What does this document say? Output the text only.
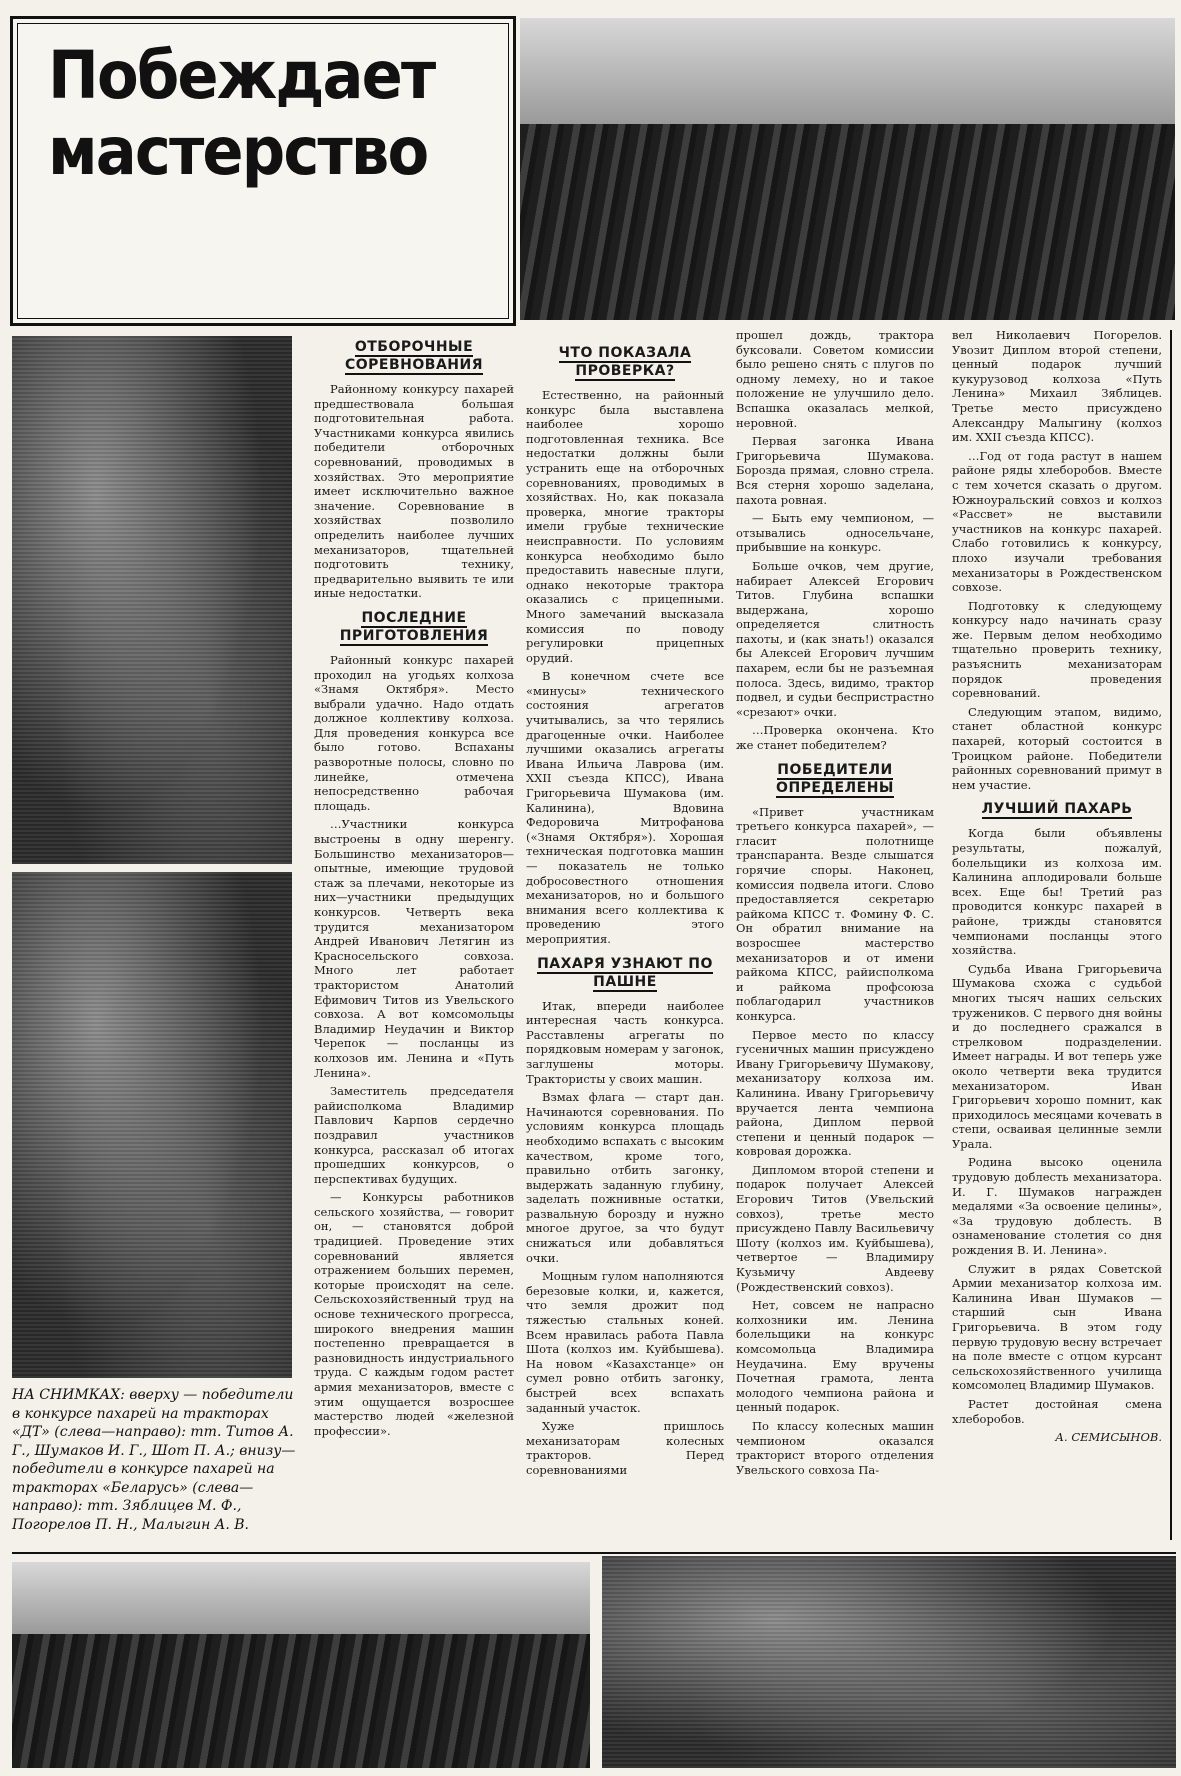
Побеждает
мастерство
НА СНИМКАХ: вверху — победители в конкурсе пахарей на тракторах «ДТ» (слева—направо): тт. Титов А. Г., Шумаков И. Г., Шот П. А.; внизу—победители в конкурсе пахарей на тракторах «Беларусь» (слева—направо): тт. Зяблицев М. Ф., Погорелов П. Н., Малыгин А. В.
ОТБОРОЧНЫЕ СОРЕВНОВАНИЯ

Районному конкурсу пахарей предшествовала большая подготовительная работа. Участниками конкурса явились победители отборочных соревнований, проводимых в хозяйствах. Это мероприятие имеет исключительно важное значение. Соревнование в хозяйствах позволило определить наиболее лучших механизаторов, тщательней подготовить технику, предварительно выявить те или иные недостатки.

ПОСЛЕДНИЕ ПРИГОТОВЛЕНИЯ

Районный конкурс пахарей проходил на угодьях колхоза «Знамя Октября». Место выбрали удачно. Надо отдать должное коллективу колхоза. Для проведения конкурса все было готово. Вспаханы разворотные полосы, словно по линейке, отмечена непосредственно рабочая площадь.

…Участники конкурса выстроены в одну шеренгу. Большинство механизаторов—опытные, имеющие трудовой стаж за плечами, некоторые из них—участники предыдущих конкурсов. Четверть века трудится механизатором Андрей Иванович Летягин из Красносельского совхоза. Много лет работает трактористом Анатолий Ефимович Титов из Увельского совхоза. А вот комсомольцы Владимир Неудачин и Виктор Черепок — посланцы из колхозов им. Ленина и «Путь Ленина».

Заместитель председателя райисполкома Владимир Павлович Карпов сердечно поздравил участников конкурса, рассказал об итогах прошедших конкурсов, о перспективах будущих.

— Конкурсы работников сельского хозяйства, — говорит он, — становятся доброй традицией. Проведение этих соревнований является отражением больших перемен, которые происходят на селе. Сельскохозяйственный труд на основе технического прогресса, широкого внедрения машин постепенно превращается в разновидность индустриального труда. С каждым годом растет армия механизаторов, вместе с этим ощущается возросшее мастерство людей «железной профессии».

ЧТО ПОКАЗАЛА ПРОВЕРКА?

Естественно, на районный конкурс была выставлена наиболее хорошо подготовленная техника. Все недостатки должны были устранить еще на отборочных соревнованиях, проводимых в хозяйствах. Но, как показала проверка, многие тракторы имели грубые технические неисправности. По условиям конкурса необходимо было предоставить навесные плуги, однако некоторые трактора оказались с прицепными. Много замечаний высказала комиссия по поводу регулировки прицепных орудий.

В конечном счете все «минусы» технического состояния агрегатов учитывались, за что терялись драгоценные очки. Наиболее лучшими оказались агрегаты Ивана Ильича Лаврова (им. XXII съезда КПСС), Ивана Григорьевича Шумакова (им. Калинина), Вдовина Федоровича Митрофанова («Знамя Октября»). Хорошая техническая подготовка машин — показатель не только добросовестного отношения механизаторов, но и большого внимания всего коллектива к проведению этого мероприятия.

ПАХАРЯ УЗНАЮТ ПО ПАШНЕ

Итак, впереди наиболее интересная часть конкурса. Расставлены агрегаты по порядковым номерам у загонок, заглушены моторы. Трактористы у своих машин.

Взмах флага — старт дан. Начинаются соревнования. По условиям конкурса площадь необходимо вспахать с высоким качеством, кроме того, правильно отбить загонку, выдержать заданную глубину, заделать пожнивные остатки, развальную борозду и нужно многое другое, за что будут снижаться или добавляться очки.

Мощным гулом наполняются березовые колки, и, кажется, что земля дрожит под тяжестью стальных коней. Всем нравилась работа Павла Шота (колхоз им. Куйбышева). На новом «Казахстанце» он сумел ровно отбить загонку, быстрей всех вспахать заданный участок.

Хуже пришлось механизаторам колесных тракторов. Перед соревнованиями

прошел дождь, трактора буксовали. Советом комиссии было решено снять с плугов по одному лемеху, но и такое положение не улучшило дело. Вспашка оказалась мелкой, неровной.

Первая загонка Ивана Григорьевича Шумакова. Борозда прямая, словно стрела. Вся стерня хорошо заделана, пахота ровная.

— Быть ему чемпионом, — отзывались односельчане, прибывшие на конкурс.

Больше очков, чем другие, набирает Алексей Егорович Титов. Глубина вспашки выдержана, хорошо определяется слитность пахоты, и (как знать!) оказался бы Алексей Егорович лучшим пахарем, если бы не разъемная полоса. Здесь, видимо, трактор подвел, и судьи беспристрастно «срезают» очки.

…Проверка окончена. Кто же станет победителем?

ПОБЕДИТЕЛИ ОПРЕДЕЛЕНЫ

«Привет участникам третьего конкурса пахарей», — гласит полотнище транспаранта. Везде слышатся горячие споры. Наконец, комиссия подвела итоги. Слово предоставляется секретарю райкома КПСС т. Фомину Ф. С. Он обратил внимание на возросшее мастерство механизаторов и от имени райкома КПСС, райисполкома и райкома профсоюза поблагодарил участников конкурса.

Первое место по классу гусеничных машин присуждено Ивану Григорьевичу Шумакову, механизатору колхоза им. Калинина. Ивану Григорьевичу вручается лента чемпиона района, Диплом первой степени и ценный подарок — ковровая дорожка.

Дипломом второй степени и подарок получает Алексей Егорович Титов (Увельский совхоз), третье место присуждено Павлу Васильевичу Шоту (колхоз им. Куйбышева), четвертое — Владимиру Кузьмичу Авдееву (Рождественский совхоз).

Нет, совсем не напрасно колхозники им. Ленина болельщики на конкурс комсомольца Владимира Неудачина. Ему вручены Почетная грамота, лента молодого чемпиона района и ценный подарок.

По классу колесных машин чемпионом оказался тракторист второго отделения Увельского совхоза Па-

вел Николаевич Погорелов. Увозит Диплом второй степени, ценный подарок лучший кукурузовод колхоза «Путь Ленина» Михаил Зяблицев. Третье место присуждено Александру Малыгину (колхоз им. XXII съезда КПСС).

…Год от года растут в нашем районе ряды хлеборобов. Вместе с тем хочется сказать о другом. Южноуральский совхоз и колхоз «Рассвет» не выставили участников на конкурс пахарей. Слабо готовились к конкурсу, плохо изучали требования механизаторы в Рождественском совхозе.

Подготовку к следующему конкурсу надо начинать сразу же. Первым делом необходимо тщательно проверить технику, разъяснить механизаторам порядок проведения соревнований.

Следующим этапом, видимо, станет областной конкурс пахарей, который состоится в Троицком районе. Победители районных соревнований примут в нем участие.

ЛУЧШИЙ ПАХАРЬ

Когда были объявлены результаты, пожалуй, болельщики из колхоза им. Калинина аплодировали больше всех. Еще бы! Третий раз проводится конкурс пахарей в районе, трижды становятся чемпионами посланцы этого хозяйства.

Судьба Ивана Григорьевича Шумакова схожа с судьбой многих тысяч наших сельских тружеников. С первого дня войны и до последнего сражался в стрелковом подразделении. Имеет награды. И вот теперь уже около четверти века трудится механизатором. Иван Григорьевич хорошо помнит, как приходилось месяцами кочевать в степи, осваивая целинные земли Урала.

Родина высоко оценила трудовую доблесть механизатора. И. Г. Шумаков награжден медалями «За освоение целины», «За трудовую доблесть. В ознаменование столетия со дня рождения В. И. Ленина».

Служит в рядах Советской Армии механизатор колхоза им. Калинина Иван Шумаков — старший сын Ивана Григорьевича. В этом году первую трудовую весну встречает на поле вместе с отцом курсант сельскохозяйственного училища комсомолец Владимир Шумаков.

Растет достойная смена хлеборобов.

А. СЕМИСЫНОВ.
